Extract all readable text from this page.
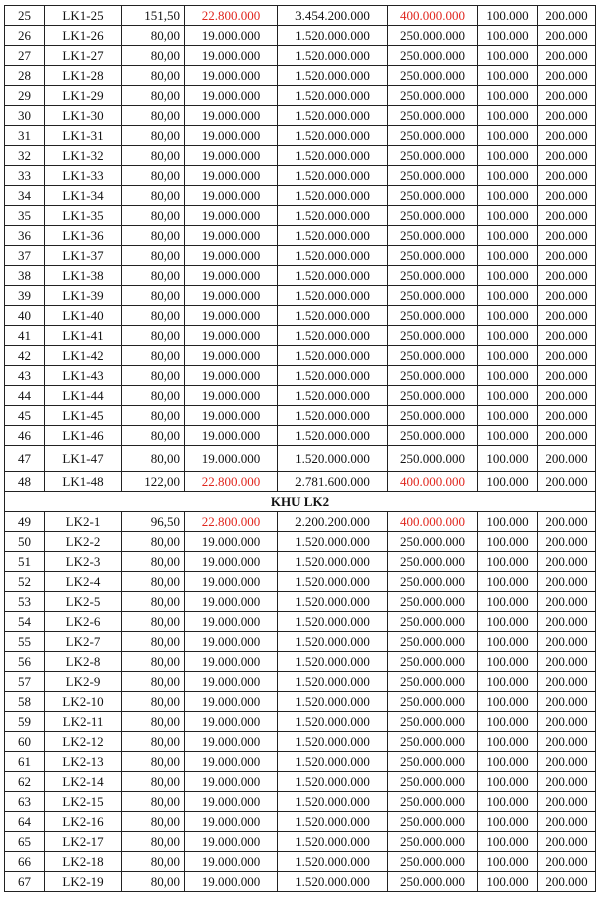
25	LK1-25	151,50	22.800.000	3.454.200.000	400.000.000	100.000	200.000
26	LK1-26	80,00	19.000.000	1.520.000.000	250.000.000	100.000	200.000
27	LK1-27	80,00	19.000.000	1.520.000.000	250.000.000	100.000	200.000
28	LK1-28	80,00	19.000.000	1.520.000.000	250.000.000	100.000	200.000
29	LK1-29	80,00	19.000.000	1.520.000.000	250.000.000	100.000	200.000
30	LK1-30	80,00	19.000.000	1.520.000.000	250.000.000	100.000	200.000
31	LK1-31	80,00	19.000.000	1.520.000.000	250.000.000	100.000	200.000
32	LK1-32	80,00	19.000.000	1.520.000.000	250.000.000	100.000	200.000
33	LK1-33	80,00	19.000.000	1.520.000.000	250.000.000	100.000	200.000
34	LK1-34	80,00	19.000.000	1.520.000.000	250.000.000	100.000	200.000
35	LK1-35	80,00	19.000.000	1.520.000.000	250.000.000	100.000	200.000
36	LK1-36	80,00	19.000.000	1.520.000.000	250.000.000	100.000	200.000
37	LK1-37	80,00	19.000.000	1.520.000.000	250.000.000	100.000	200.000
38	LK1-38	80,00	19.000.000	1.520.000.000	250.000.000	100.000	200.000
39	LK1-39	80,00	19.000.000	1.520.000.000	250.000.000	100.000	200.000
40	LK1-40	80,00	19.000.000	1.520.000.000	250.000.000	100.000	200.000
41	LK1-41	80,00	19.000.000	1.520.000.000	250.000.000	100.000	200.000
42	LK1-42	80,00	19.000.000	1.520.000.000	250.000.000	100.000	200.000
43	LK1-43	80,00	19.000.000	1.520.000.000	250.000.000	100.000	200.000
44	LK1-44	80,00	19.000.000	1.520.000.000	250.000.000	100.000	200.000
45	LK1-45	80,00	19.000.000	1.520.000.000	250.000.000	100.000	200.000
46	LK1-46	80,00	19.000.000	1.520.000.000	250.000.000	100.000	200.000
47	LK1-47	80,00	19.000.000	1.520.000.000	250.000.000	100.000	200.000
48	LK1-48	122,00	22.800.000	2.781.600.000	400.000.000	100.000	200.000
KHU LK2							
49	LK2-1	96,50	22.800.000	2.200.200.000	400.000.000	100.000	200.000
50	LK2-2	80,00	19.000.000	1.520.000.000	250.000.000	100.000	200.000
51	LK2-3	80,00	19.000.000	1.520.000.000	250.000.000	100.000	200.000
52	LK2-4	80,00	19.000.000	1.520.000.000	250.000.000	100.000	200.000
53	LK2-5	80,00	19.000.000	1.520.000.000	250.000.000	100.000	200.000
54	LK2-6	80,00	19.000.000	1.520.000.000	250.000.000	100.000	200.000
55	LK2-7	80,00	19.000.000	1.520.000.000	250.000.000	100.000	200.000
56	LK2-8	80,00	19.000.000	1.520.000.000	250.000.000	100.000	200.000
57	LK2-9	80,00	19.000.000	1.520.000.000	250.000.000	100.000	200.000
58	LK2-10	80,00	19.000.000	1.520.000.000	250.000.000	100.000	200.000
59	LK2-11	80,00	19.000.000	1.520.000.000	250.000.000	100.000	200.000
60	LK2-12	80,00	19.000.000	1.520.000.000	250.000.000	100.000	200.000
61	LK2-13	80,00	19.000.000	1.520.000.000	250.000.000	100.000	200.000
62	LK2-14	80,00	19.000.000	1.520.000.000	250.000.000	100.000	200.000
63	LK2-15	80,00	19.000.000	1.520.000.000	250.000.000	100.000	200.000
64	LK2-16	80,00	19.000.000	1.520.000.000	250.000.000	100.000	200.000
65	LK2-17	80,00	19.000.000	1.520.000.000	250.000.000	100.000	200.000
66	LK2-18	80,00	19.000.000	1.520.000.000	250.000.000	100.000	200.000
67	LK2-19	80,00	19.000.000	1.520.000.000	250.000.000	100.000	200.000
